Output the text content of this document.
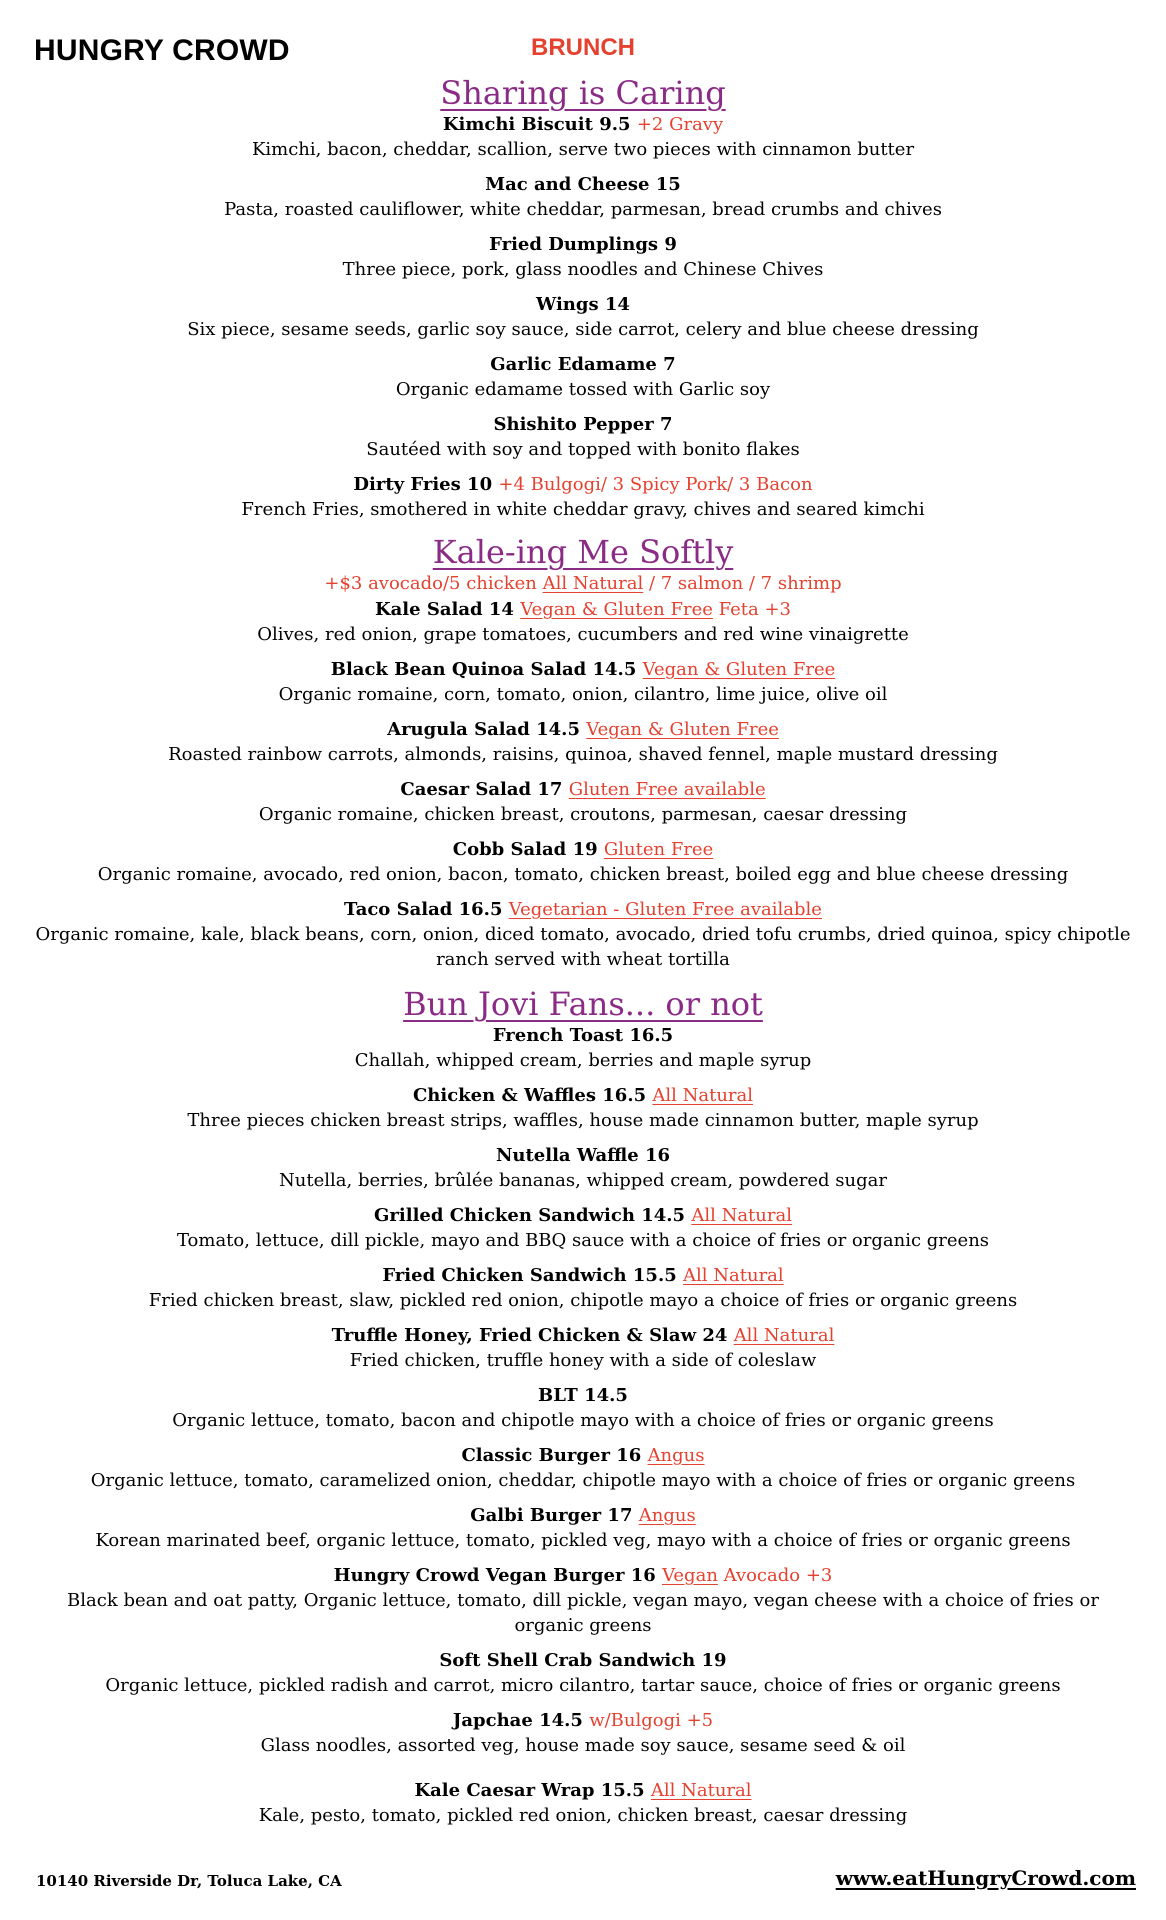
HUNGRY CROWD	BRUNCH
Sharing is Caring
Kimchi Biscuit 9.5 +2 Gravy
Kimchi, bacon, cheddar, scallion, serve two pieces with cinnamon butter
Mac and Cheese 15
Pasta, roasted cauliflower, white cheddar, parmesan, bread crumbs and chives
Fried Dumplings 9
Three piece, pork, glass noodles and Chinese Chives
Wings 14
Six piece, sesame seeds, garlic soy sauce, side carrot, celery and blue cheese dressing
Garlic Edamame 7
Organic edamame tossed with Garlic soy
Shishito Pepper 7
Sautéed with soy and topped with bonito flakes
Dirty Fries 10 +4 Bulgogi/ 3 Spicy Pork/ 3 Bacon
French Fries, smothered in white cheddar gravy, chives and seared kimchi
Kale-ing Me Softly
+$3 avocado/5 chicken All Natural / 7 salmon / 7 shrimp
Kale Salad 14 Vegan & Gluten Free Feta +3
Olives, red onion, grape tomatoes, cucumbers and red wine vinaigrette
Black Bean Quinoa Salad 14.5 Vegan & Gluten Free
Organic romaine, corn, tomato, onion, cilantro, lime juice, olive oil
Arugula Salad 14.5 Vegan & Gluten Free
Roasted rainbow carrots, almonds, raisins, quinoa, shaved fennel, maple mustard dressing
Caesar Salad 17 Gluten Free available
Organic romaine, chicken breast, croutons, parmesan, caesar dressing
Cobb Salad 19 Gluten Free
Organic romaine, avocado, red onion, bacon, tomato, chicken breast, boiled egg and blue cheese dressing
Taco Salad 16.5 Vegetarian - Gluten Free available
Organic romaine, kale, black beans, corn, onion, diced tomato, avocado, dried tofu crumbs, dried quinoa, spicy chipotle ranch served with wheat tortilla
Bun Jovi Fans... or not
French Toast 16.5
Challah, whipped cream, berries and maple syrup
Chicken & Waffles 16.5 All Natural
Three pieces chicken breast strips, waffles, house made cinnamon butter, maple syrup
Nutella Waffle 16
Nutella, berries, brûlée bananas, whipped cream, powdered sugar
Grilled Chicken Sandwich 14.5 All Natural
Tomato, lettuce, dill pickle, mayo and BBQ sauce with a choice of fries or organic greens
Fried Chicken Sandwich 15.5 All Natural
Fried chicken breast, slaw, pickled red onion, chipotle mayo a choice of fries or organic greens
Truffle Honey, Fried Chicken & Slaw 24 All Natural
Fried chicken, truffle honey with a side of coleslaw
BLT 14.5
Organic lettuce, tomato, bacon and chipotle mayo with a choice of fries or organic greens
Classic Burger 16 Angus
Organic lettuce, tomato, caramelized onion, cheddar, chipotle mayo with a choice of fries or organic greens
Galbi Burger 17 Angus
Korean marinated beef, organic lettuce, tomato, pickled veg, mayo with a choice of fries or organic greens
Hungry Crowd Vegan Burger 16 Vegan Avocado +3
Black bean and oat patty, Organic lettuce, tomato, dill pickle, vegan mayo, vegan cheese with a choice of fries or organic greens
Soft Shell Crab Sandwich 19
Organic lettuce, pickled radish and carrot, micro cilantro, tartar sauce, choice of fries or organic greens
Japchae 14.5 w/Bulgogi +5
Glass noodles, assorted veg, house made soy sauce, sesame seed & oil
Kale Caesar Wrap 15.5 All Natural
Kale, pesto, tomato, pickled red onion, chicken breast, caesar dressing
10140 Riverside Dr, Toluca Lake, CA	www.eatHungryCrowd.com
